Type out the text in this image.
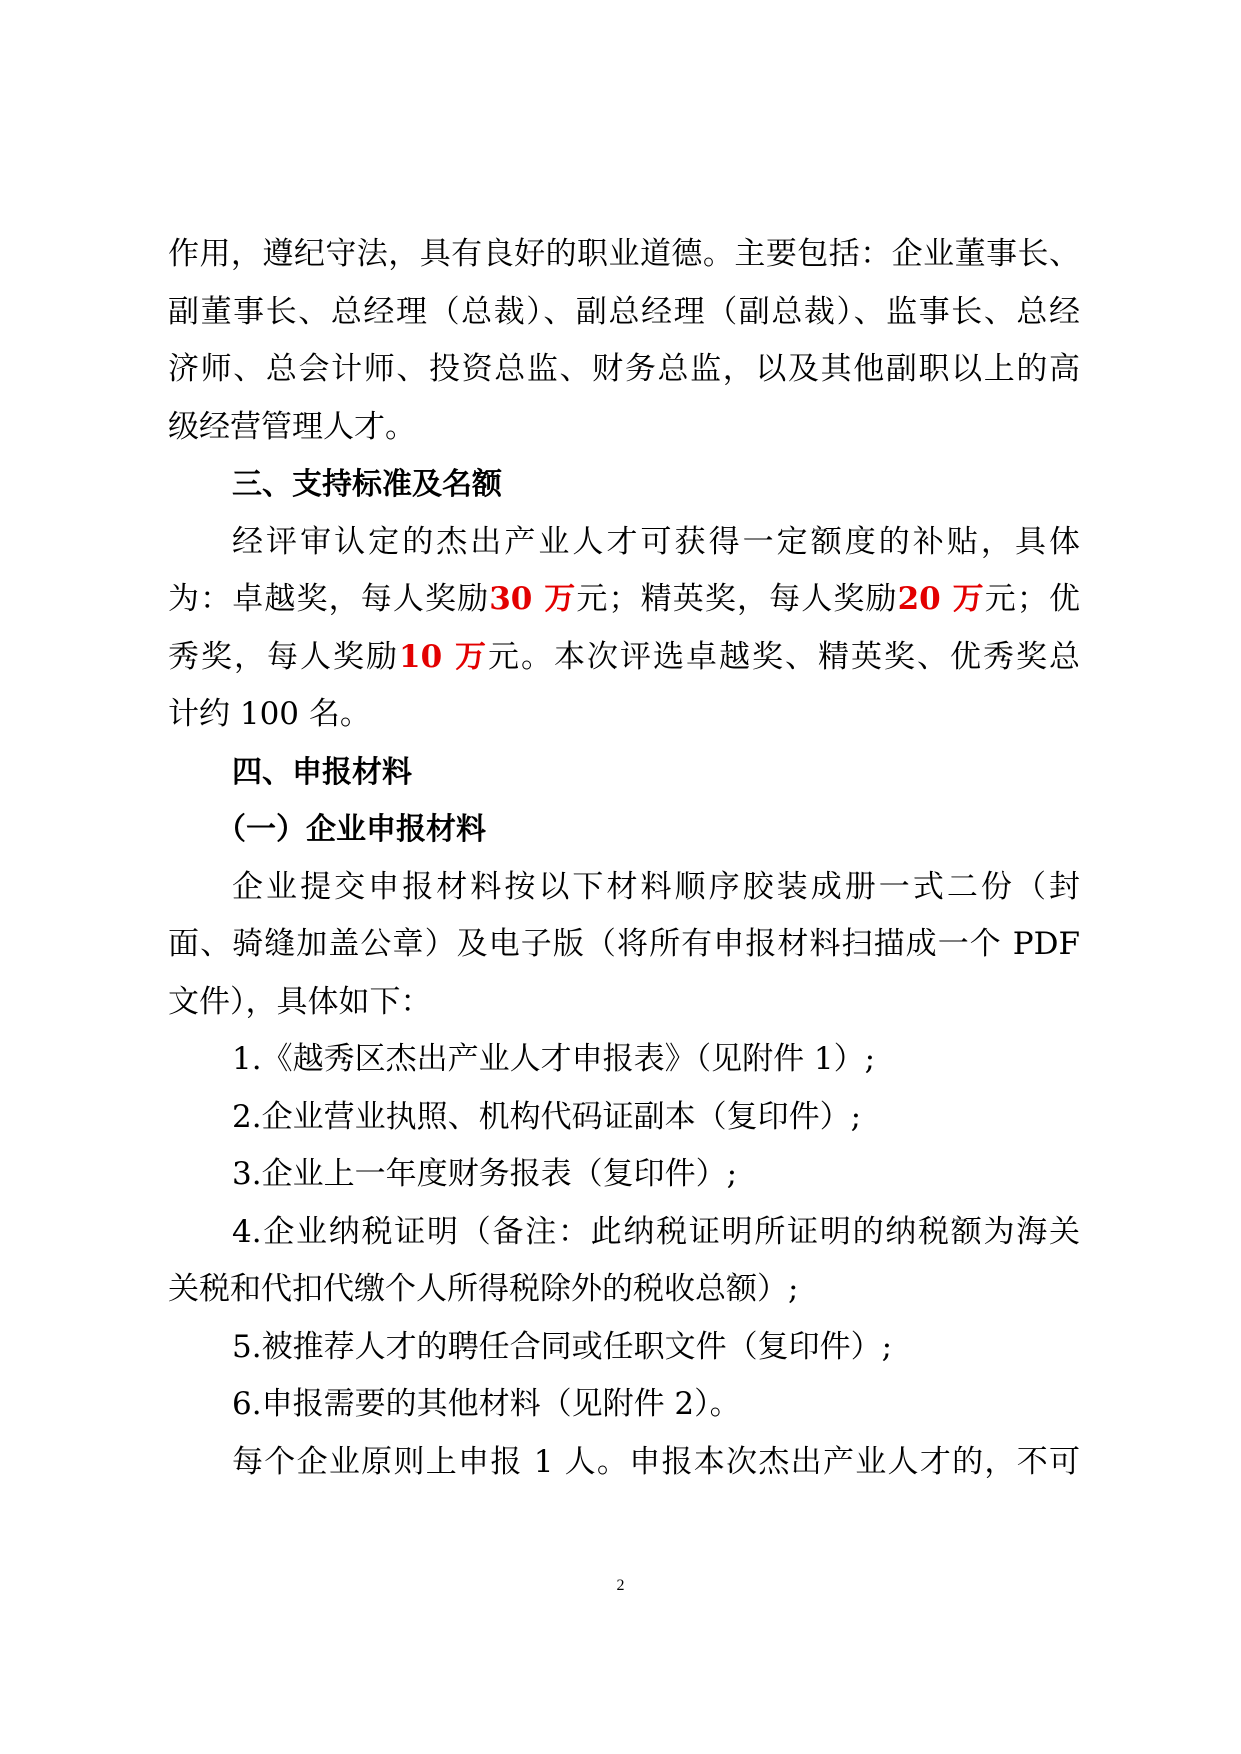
作用，遵纪守法，具有良好的职业道德。主要包括：企业董事长、
副董事长、总经理（总裁）、副总经理（副总裁）、监事长、总经
济师、总会计师、投资总监、财务总监，以及其他副职以上的高
级经营管理人才。
三、支持标准及名额
经评审认定的杰出产业人才可获得一定额度的补贴，具体
为：卓越奖，每人奖励30 万元；精英奖，每人奖励20 万元；优
秀奖，每人奖励10 万元。本次评选卓越奖、精英奖、优秀奖总
计约 100 名。
四、申报材料
（一）企业申报材料
企业提交申报材料按以下材料顺序胶装成册一式二份（封
面、骑缝加盖公章）及电子版（将所有申报材料扫描成一个 PDF
文件），具体如下：
1.《越秀区杰出产业人才申报表》（见附件 1）;
2.企业营业执照、机构代码证副本（复印件）;
3.企业上一年度财务报表（复印件）;
4.企业纳税证明（备注：此纳税证明所证明的纳税额为海关
关税和代扣代缴个人所得税除外的税收总额）;
5.被推荐人才的聘任合同或任职文件（复印件）;
6.申报需要的其他材料（见附件 2）。
每个企业原则上申报 1 人。申报本次杰出产业人才的，不可
2
